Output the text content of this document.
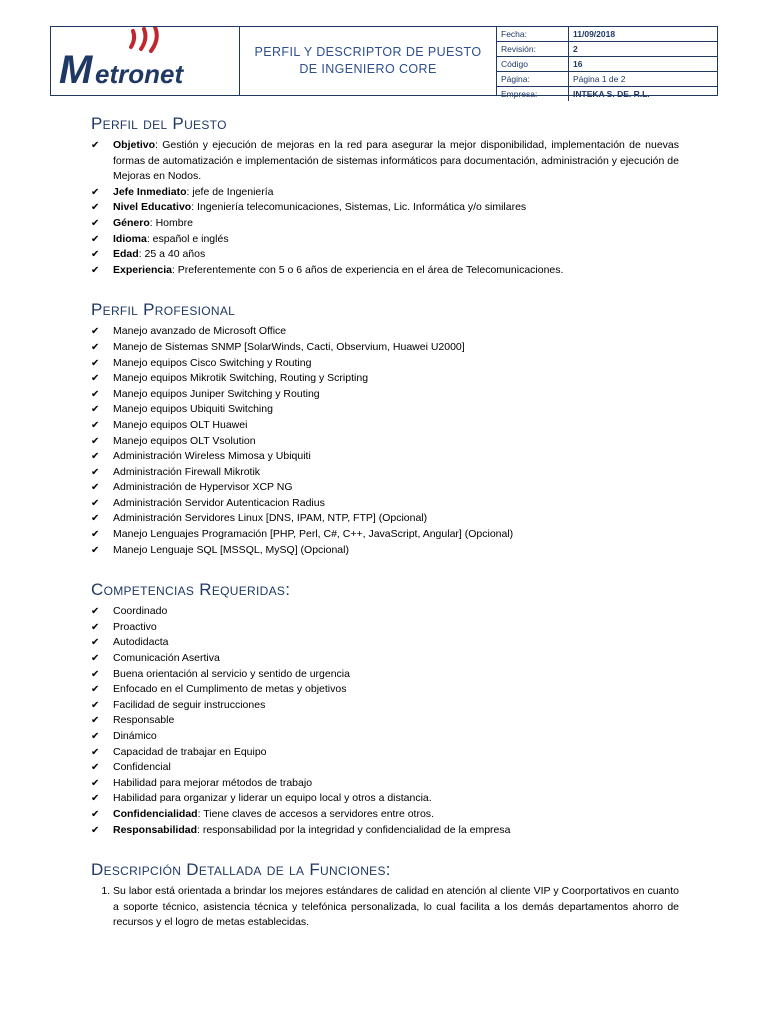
M etronet
PERFIL Y DESCRIPTOR DE PUESTO DE INGENIERO CORE
Fecha:	11/09/2018
Revisión:	2
Código	16
Página:	Página 1 de 2
Empresa:	INTEKA S. DE. R.L.
Perfil del Puesto
✔ Objetivo: Gestión y ejecución de mejoras en la red para asegurar la mejor disponibilidad, implementación de nuevas formas de automatización e implementación de sistemas informáticos para documentación, administración y ejecución de Mejoras en Nodos.
✔ Jefe Inmediato: jefe de Ingeniería
✔ Nivel Educativo: Ingeniería telecomunicaciones, Sistemas, Lic. Informática y/o similares
✔ Género: Hombre
✔ Idioma: español e inglés
✔ Edad: 25 a 40 años
✔ Experiencia: Preferentemente con 5 o 6 años de experiencia en el área de Telecomunicaciones.
Perfil Profesional
✔ Manejo avanzado de Microsoft Office
✔ Manejo de Sistemas SNMP [SolarWinds, Cacti, Observium, Huawei U2000]
✔ Manejo equipos Cisco Switching y Routing
✔ Manejo equipos Mikrotik Switching, Routing y Scripting
✔ Manejo equipos Juniper Switching y Routing
✔ Manejo equipos Ubiquiti Switching
✔ Manejo equipos OLT Huawei
✔ Manejo equipos OLT Vsolution
✔ Administración Wireless Mimosa y Ubiquiti
✔ Administración Firewall Mikrotik
✔ Administración de Hypervisor XCP NG
✔ Administración Servidor Autenticacion Radius
✔ Administración Servidores Linux [DNS, IPAM, NTP, FTP] (Opcional)
✔ Manejo Lenguajes Programación [PHP, Perl, C#, C++, JavaScript, Angular] (Opcional)
✔ Manejo Lenguaje SQL [MSSQL, MySQ] (Opcional)
Competencias Requeridas:
✔ Coordinado
✔ Proactivo
✔ Autodidacta
✔ Comunicación Asertiva
✔ Buena orientación al servicio y sentido de urgencia
✔ Enfocado en el Cumplimento de metas y objetivos
✔ Facilidad de seguir instrucciones
✔ Responsable
✔ Dinámico
✔ Capacidad de trabajar en Equipo
✔ Confidencial
✔ Habilidad para mejorar métodos de trabajo
✔ Habilidad para organizar y liderar un equipo local y otros a distancia.
✔ Confidencialidad: Tiene claves de accesos a servidores entre otros.
✔ Responsabilidad: responsabilidad por la integridad y confidencialidad de la empresa
Descripción Detallada de la Funciones:
1. Su labor está orientada a brindar los mejores estándares de calidad en atención al cliente VIP y Coorportativos en cuanto a soporte técnico, asistencia técnica y telefónica personalizada, lo cual facilita a los demás departamentos ahorro de recursos y el logro de metas establecidas.
